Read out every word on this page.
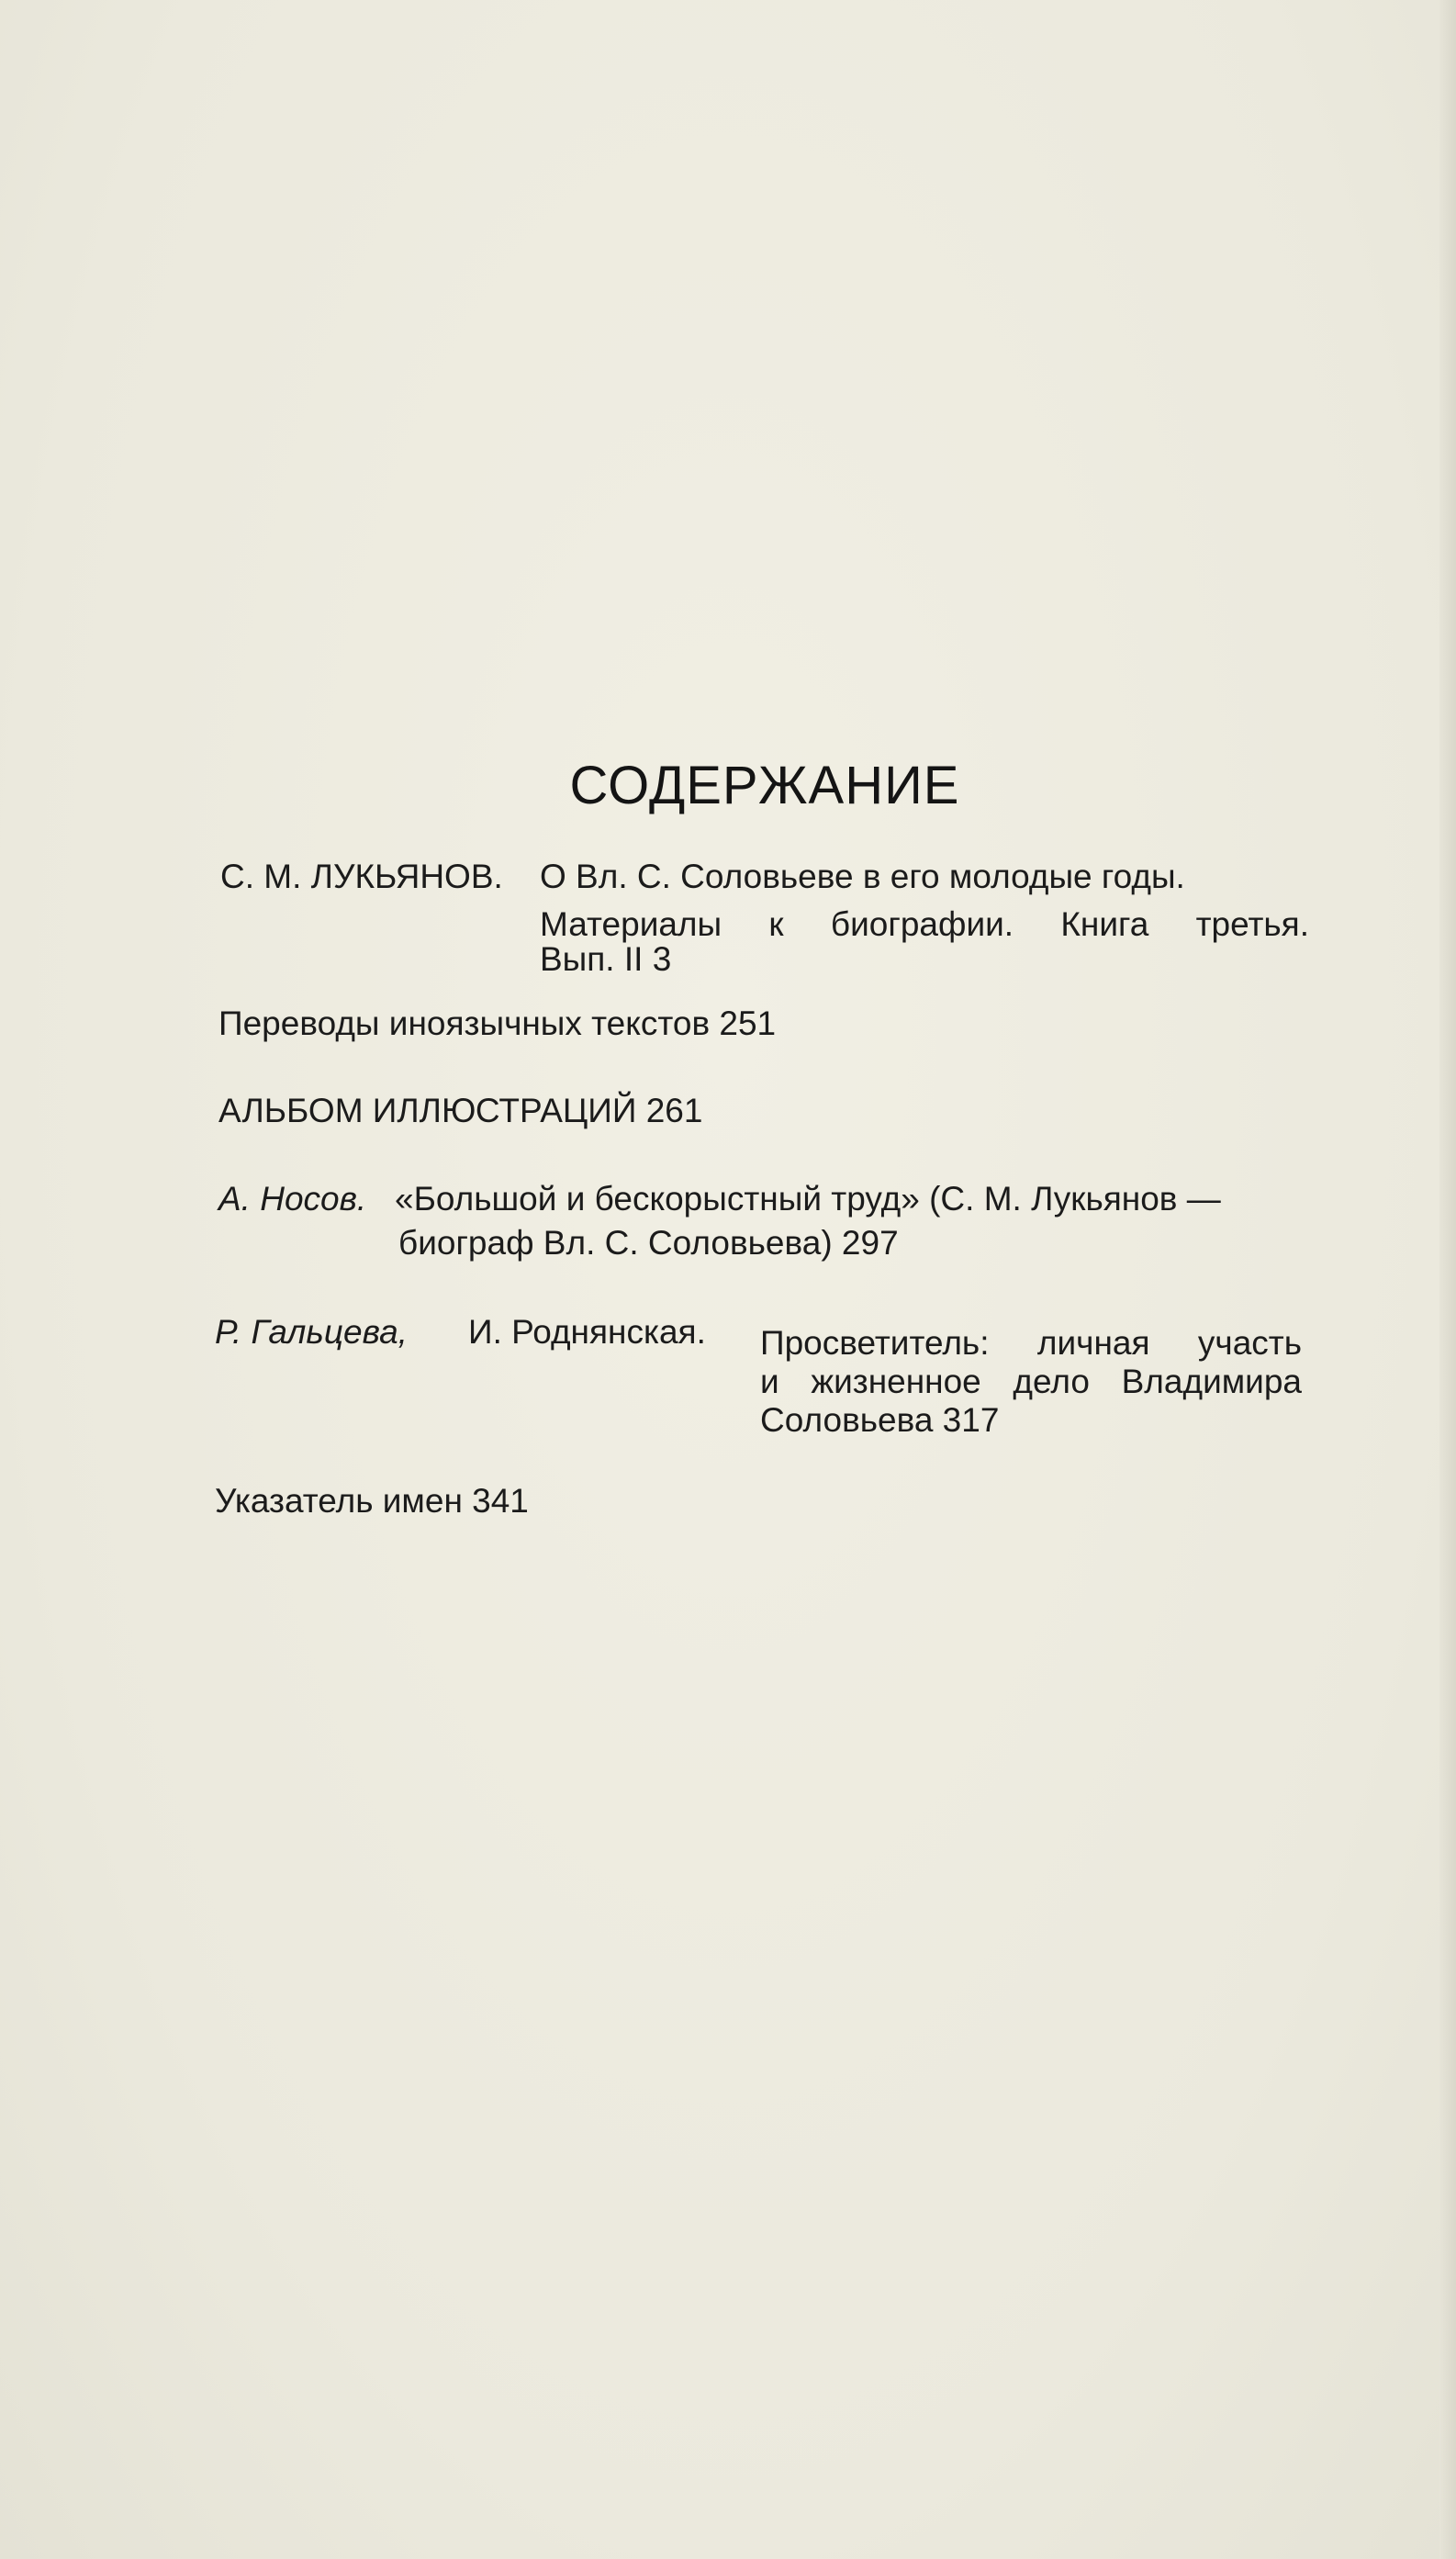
СОДЕРЖАНИЕ
С. М. ЛУКЬЯНОВ. О Вл. С. Соловьеве в его молодые годы.
Материалы к биографии. Книга третья.
Вып. II 3
Переводы иноязычных текстов 251
АЛЬБОМ ИЛЛЮСТРАЦИЙ 261
А. Носов. «Большой и бескорыстный труд» (С. М. Лукьянов —
биограф Вл. С. Соловьева) 297
Р. Гальцева, И. Роднянская. Просветитель: личная участь
и жизненное дело Владимира
Соловьева 317
Указатель имен 341
